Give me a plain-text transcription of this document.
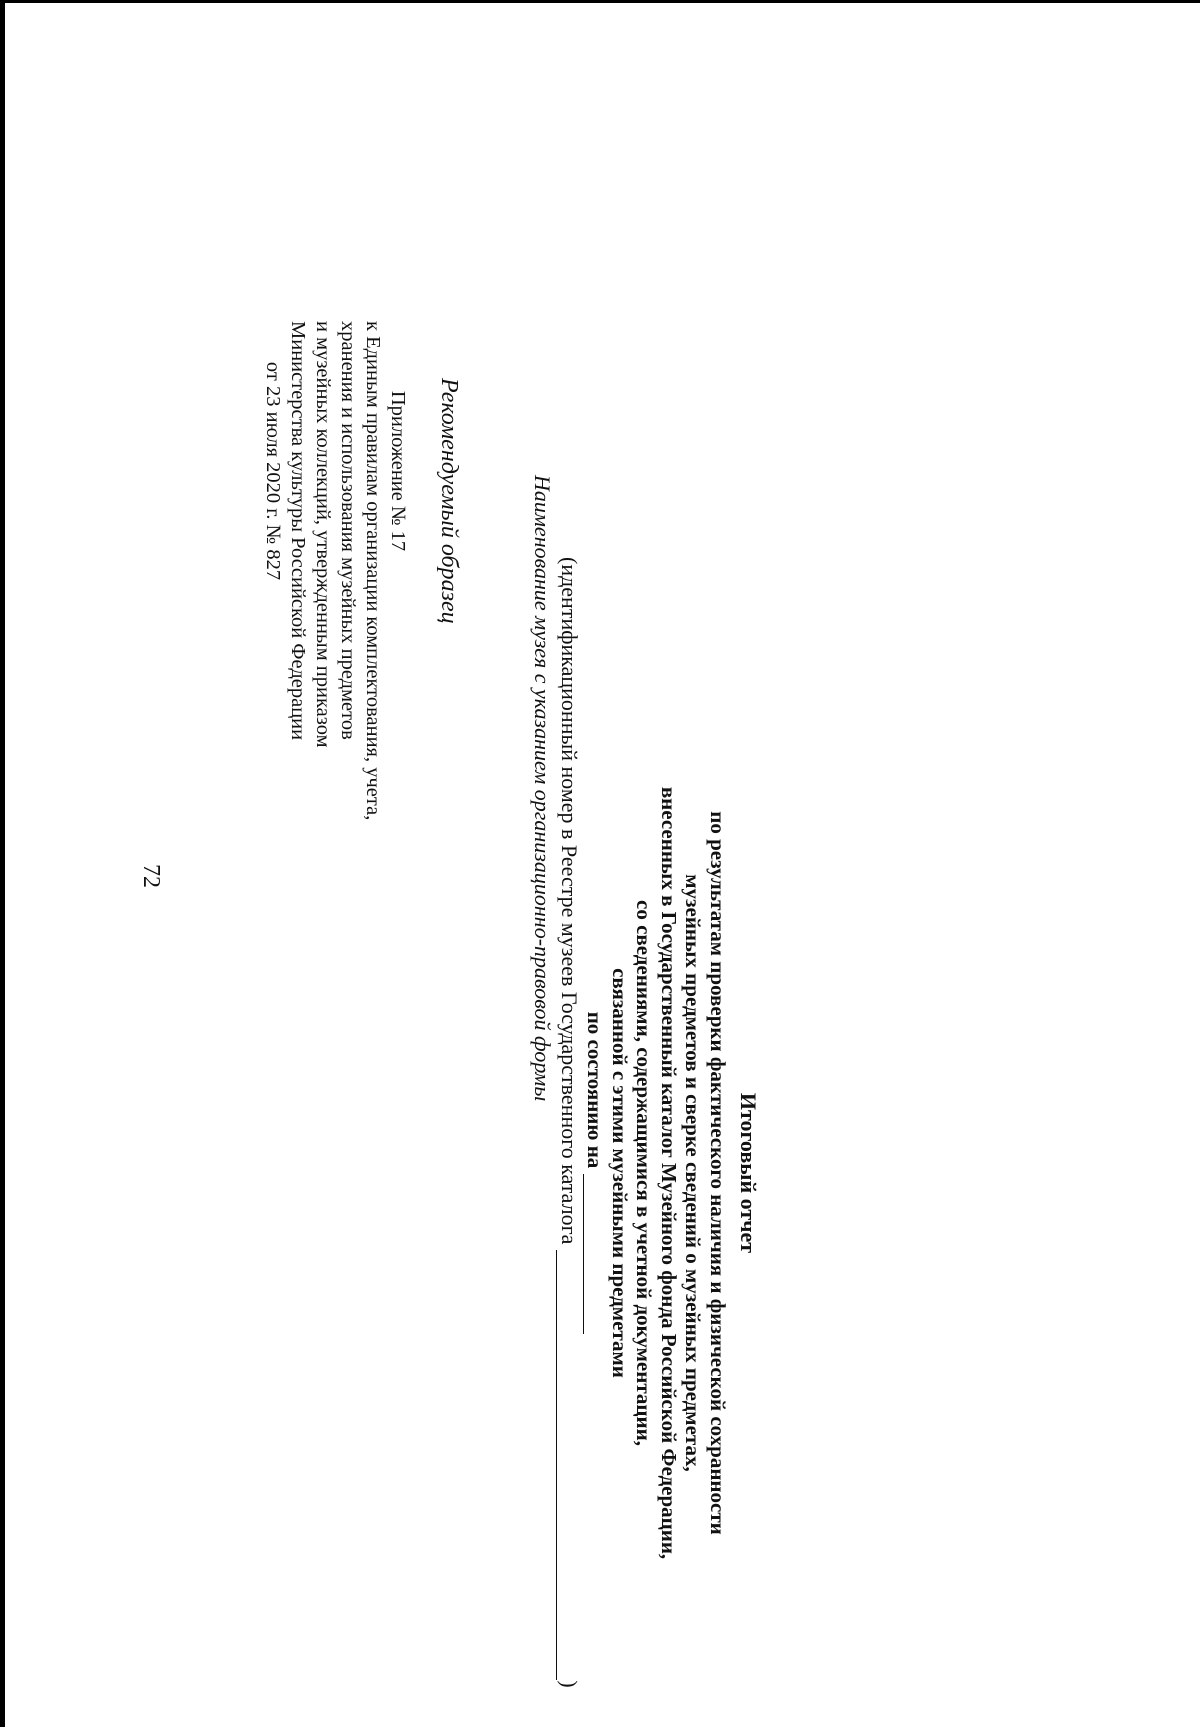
72
Приложение № 17
к Единым правилам организации комплектования, учета,
хранения и использования музейных предметов
и музейных коллекций, утвержденным приказом
Министерства культуры Российской Федерации
от 23 июля 2020 г. № 827	Рекомендуемый образец	Наименование музея с указанием организационно-правовой формы (идентификационный номер в Реестре музеев Государственного каталога
)
Итоговый отчет
по результатам проверки фактического наличия и физической сохранности
музейных предметов и сверке сведений о музейных предметах,
внесенных в Государственный каталог Музейного фонда Российской Федерации,
со сведениями, содержащимися в учетной документации,
связанной с этими музейными предметами
по состоянию на
